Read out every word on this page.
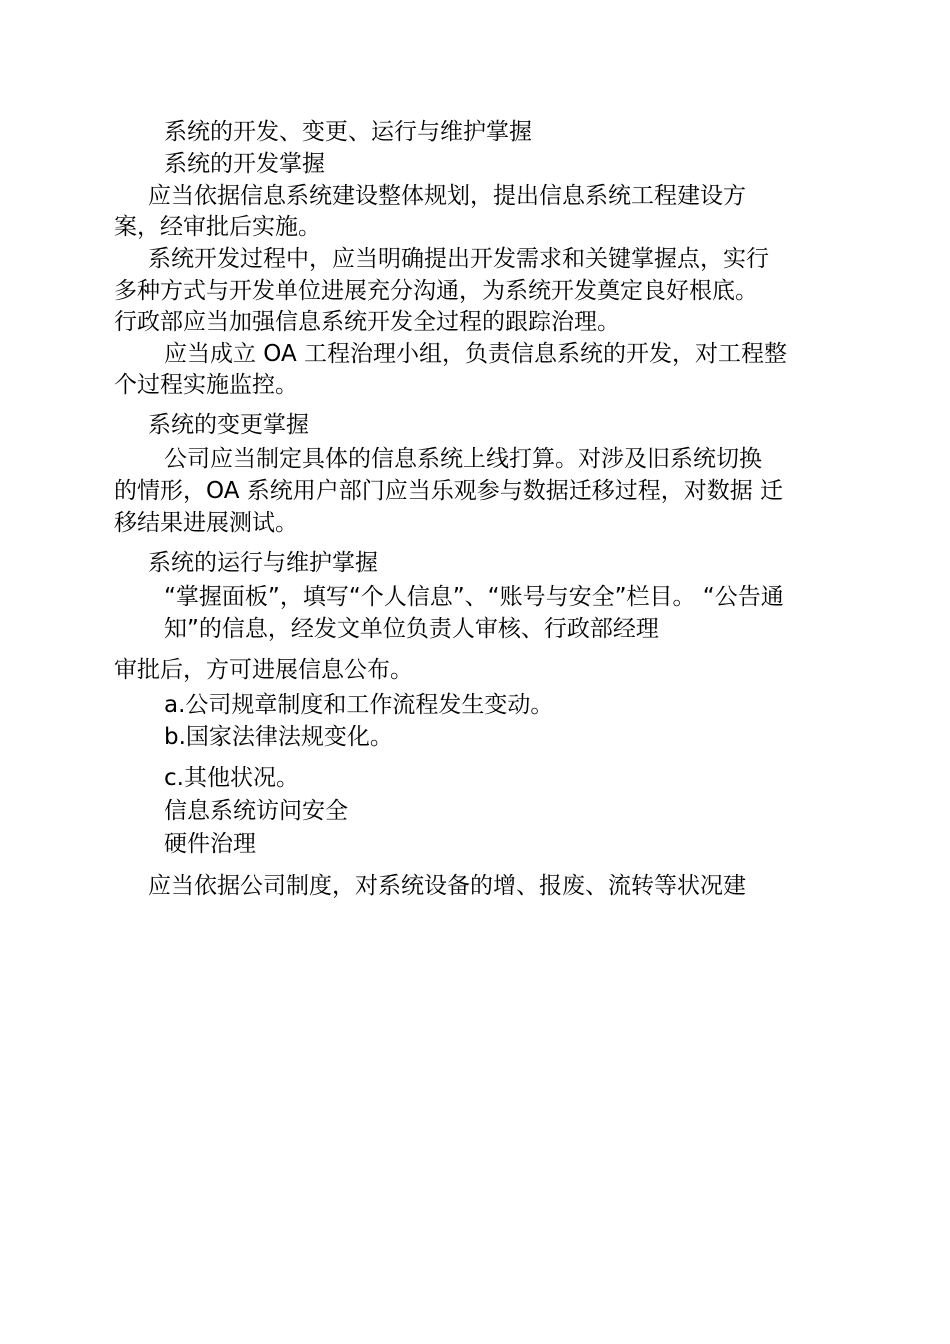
系统的开发、变更、运行与维护掌握
系统的开发掌握
应当依据信息系统建设整体规划，提出信息系统工程建设方
案，经审批后实施。
系统开发过程中，应当明确提出开发需求和关键掌握点，实行
多种方式与开发单位进展充分沟通，为系统开发奠定良好根底。
行政部应当加强信息系统开发全过程的跟踪治理。
应当成立 OA 工程治理小组，负责信息系统的开发，对工程整
个过程实施监控。
系统的变更掌握
公司应当制定具体的信息系统上线打算。对涉及旧系统切换
的情形，OA 系统用户部门应当乐观参与数据迁移过程，对数据 迁
移结果进展测试。
系统的运行与维护掌握
“掌握面板”，填写“个人信息”、“账号与安全”栏目。 “公告通
知”的信息，经发文单位负责人审核、行政部经理
审批后，方可进展信息公布。
a.公司规章制度和工作流程发生变动。
b.国家法律法规变化。
c.其他状况。
信息系统访问安全
硬件治理
应当依据公司制度，对系统设备的增、报废、流转等状况建
